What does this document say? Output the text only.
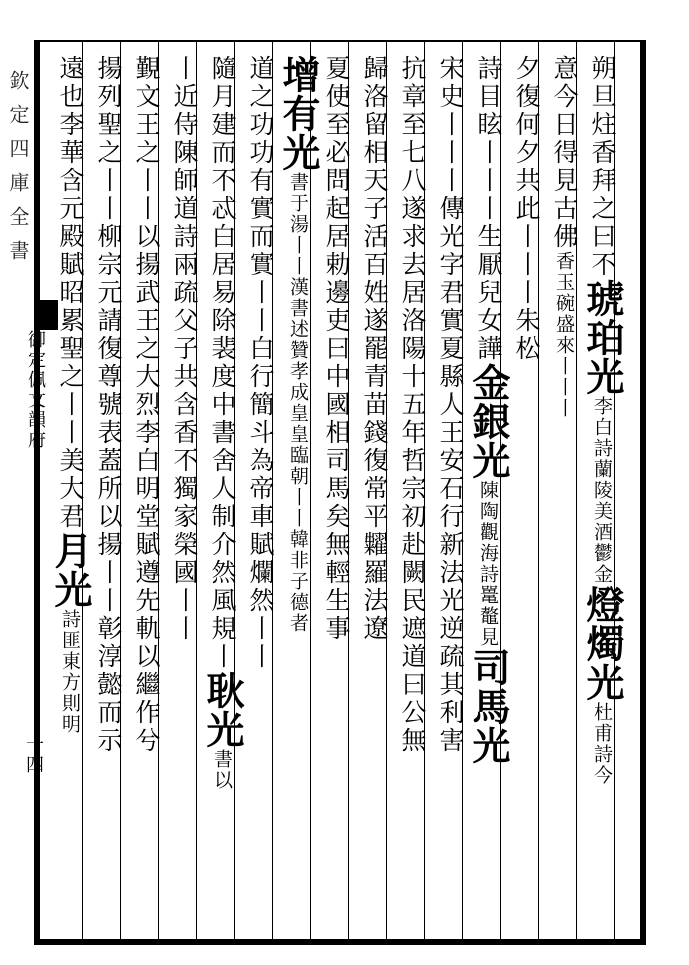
欽定四庫全書
御定佩文韻府
十四
朔旦炷香拜之曰不琥珀光李白詩蘭陵美酒鬱金燈燭光杜甫詩今
意今日得見古佛香玉碗盛來丨丨丨
夕復何夕共此丨丨丨朱松
詩目眩丨丨丨生厭兒女譁金銀光陳陶觀海詩鼍鼇見司馬光
宋史丨丨丨傳光字君實夏縣人王安石行新法光逆疏其利害
抗章至七八遂求去居洛陽十五年哲宗初赴闕民遮道曰公無
歸洛留相天子活百姓遂罷青苗錢復常平糶羅法遼
夏使至必問起居勅邊吏曰中國相司馬矣無輕生事
增有光書于湯丨丨漢書述贊孝成皇皇臨朝丨丨韓非子德者
道之功功有實而實丨丨白行簡斗為帝車賦爛然丨丨
隨月建而不忒白居易除裴度中書舍人制介然風規丨耿光書以
丨近侍陳師道詩兩疏父子共含香不獨家榮國丨丨
覲文王之丨丨以揚武王之大烈李白明堂賦遵先軌以繼作兮
揚列聖之丨丨柳宗元請復尊號表蓋所以揚丨丨彰淳懿而示
遠也李華含元殿賦昭累聖之丨丨美大君月光詩匪東方則明
